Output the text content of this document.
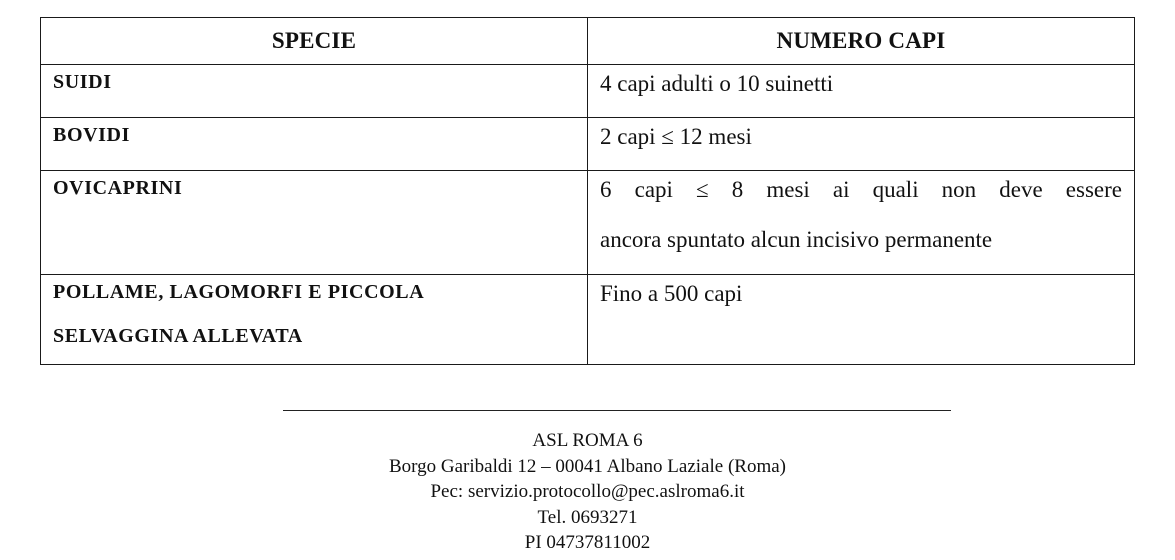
SPECIE	NUMERO CAPI

SUIDI	4 capi adulti o 10 suinetti

BOVIDI	2 capi ≤ 12 mesi

OVICAPRINI	6 capi ≤ 8 mesi ai quali non deve essere
ancora spuntato alcun incisivo permanente

POLLAME, LAGOMORFI E PICCOLA
SELVAGGINA ALLEVATA	Fino a 500 capi
ASL ROMA 6
Borgo Garibaldi 12 – 00041 Albano Laziale (Roma)
Pec: servizio.protocollo@pec.aslroma6.it
Tel. 0693271
PI 04737811002
